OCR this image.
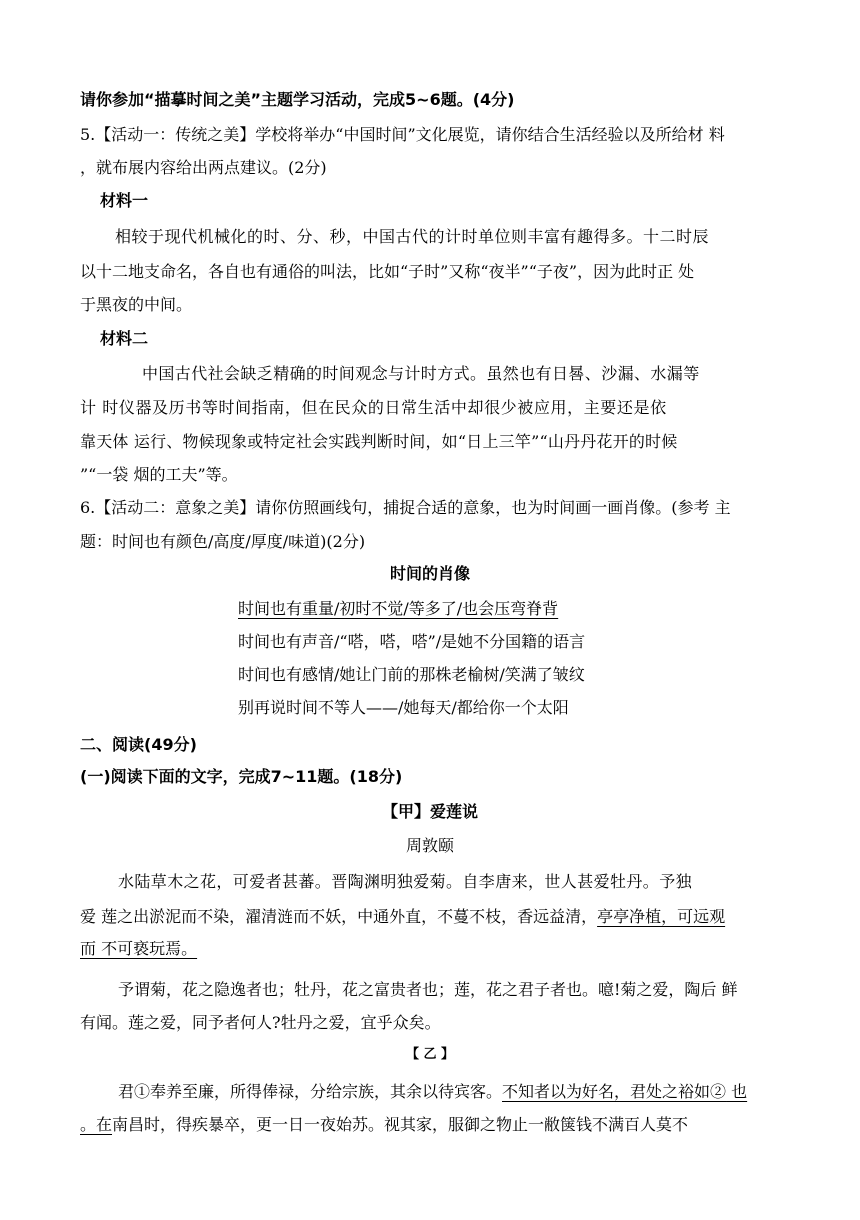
请你参加“描摹时间之美”主题学习活动，完成5~6题。(4分)
5.【活动一：传统之美】学校将举办“中国时间”文化展览，请你结合生活经验以及所给材 料
，就布展内容给出两点建议。(2分)
材料一
相较于现代机械化的时、分、秒，中国古代的计时单位则丰富有趣得多。十二时辰
以十二地支命名，各自也有通俗的叫法，比如“子时”又称“夜半”“子夜”，因为此时正 处
于黑夜的中间。
材料二
中国古代社会缺乏精确的时间观念与计时方式。虽然也有日晷、沙漏、水漏等
计 时仪器及历书等时间指南，但在民众的日常生活中却很少被应用，主要还是依
靠天体 运行、物候现象或特定社会实践判断时间，如“日上三竿”“山丹丹花开的时候
”“一袋 烟的工夫”等。
6.【活动二：意象之美】请你仿照画线句，捕捉合适的意象，也为时间画一画肖像。(参考 主
题：时间也有颜色/高度/厚度/味道)(2分)
时间的肖像
时间也有重量/初时不觉/等多了/也会压弯脊背
时间也有声音/“嗒，嗒，嗒”/是她不分国籍的语言
时间也有感情/她让门前的那株老榆树/笑满了皱纹
别再说时间不等人——/她每天/都给你一个太阳
二、阅读(49分)
(一)阅读下面的文字，完成7~11题。(18分)
【甲】爱莲说
周敦颐
水陆草木之花，可爱者甚蕃。晋陶渊明独爱菊。自李唐来，世人甚爱牡丹。予独
爱 莲之出淤泥而不染，濯清涟而不妖，中通外直，不蔓不枝，香远益清，亭亭净植，可远观
而 不可亵玩焉。
予谓菊，花之隐逸者也；牡丹，花之富贵者也；莲，花之君子者也。噫!菊之爱，陶后 鲜
有闻。莲之爱，同予者何人?牡丹之爱，宜乎众矣。
【 乙 】
君①奉养至廉，所得俸禄，分给宗族，其余以待宾客。不知者以为好名，君处之裕如② 也
。在南昌时，得疾暴卒，更一日一夜始苏。视其家，服御之物止一敝箧钱不满百人莫不
